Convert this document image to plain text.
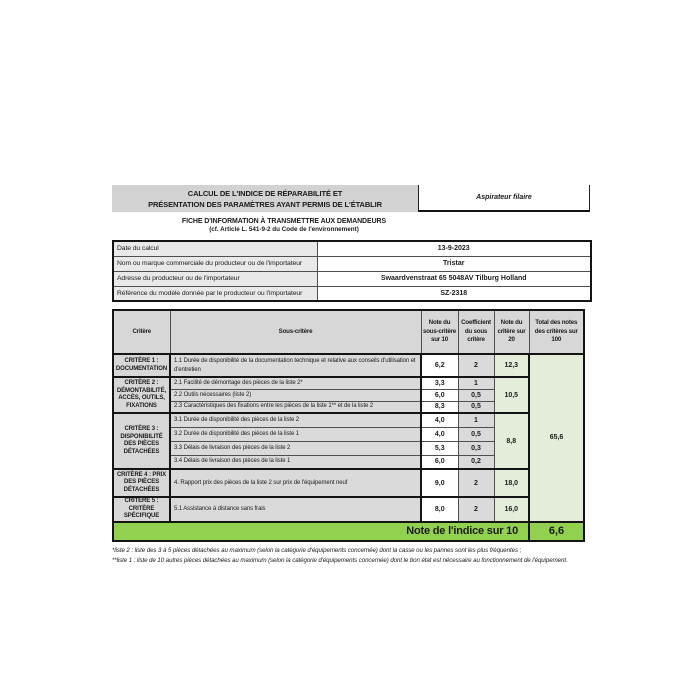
CALCUL DE L'INDICE DE RÉPARABILITÉ ET
PRÉSENTATION DES PARAMÈTRES AYANT PERMIS DE L'ÉTABLIR
Aspirateur filaire
FICHE D'INFORMATION À TRANSMETTRE AUX DEMANDEURS
(cf. Article L. 541-9-2 du Code de l'environnement)
Date du calcul	13-9-2023
Nom ou marque commerciale du producteur ou de l'importateur	Tristar
Adresse du producteur ou de l'importateur	Swaardvenstraat 65 5048AV Tilburg Holland
Référence du modèle donnée par le producteur ou l'importateur	SZ-2318
Critère	Sous-critère	Note du sous-critère sur 10	Coefficient du sous critère	Note du critère sur 20	Total des notes des critères sur 100
CRITÈRE 1 : DOCUMENTATION	1.1 Durée de disponibilité de la documentation technique et relative aux conseils d'utilisation et d'entretien	6,2	2	12,3	65,6
CRITÈRE 2 : DÉMONTABILITÉ, ACCÈS, OUTILS, FIXATIONS	2.1 Facilité de démontage des pièces de la liste 2*	3,3	1	10,5	
	2.2 Outils nécessaires (liste 2)	6,0	0,5		
	2.3 Caractéristiques des fixations entre les pièces de la liste 1** et de la liste 2	8,3	0,5		
CRITÈRE 3 : DISPONIBILITÉ DES PIÈCES DÉTACHÉES	3.1 Durée de disponibilité des pièces de la liste 2	4,0	1	8,8	
	3.2 Durée de disponibilité des pièces de la liste 1	4,0	0,5		
	3.3 Délais de livraison des pièces de la liste 2	5,3	0,3		
	3.4 Délais de livraison des pièces de la liste 1	6,0	0,2		
CRITÈRE 4 : PRIX DES PIÈCES DÉTACHÉES	4. Rapport prix des pièces de la liste 2 sur prix de l'équipement neuf	9,0	2	18,0	
CRITÈRE 5 : CRITÈRE SPÉCIFIQUE	5.1 Assistance à distance sans frais	8,0	2	16,0	
Note de l'indice sur 10					6,6
*liste 2 : liste des 3 à 5 pièces détachées au maximum (selon la catégorie d'équipements concernée) dont la casse ou les pannes sont les plus fréquentes ;
**liste 1 : liste de 10 autres pièces détachées au maximum (selon la catégorie d'équipements concernée) dont le bon état est nécessaire au fonctionnement de l'équipement.
